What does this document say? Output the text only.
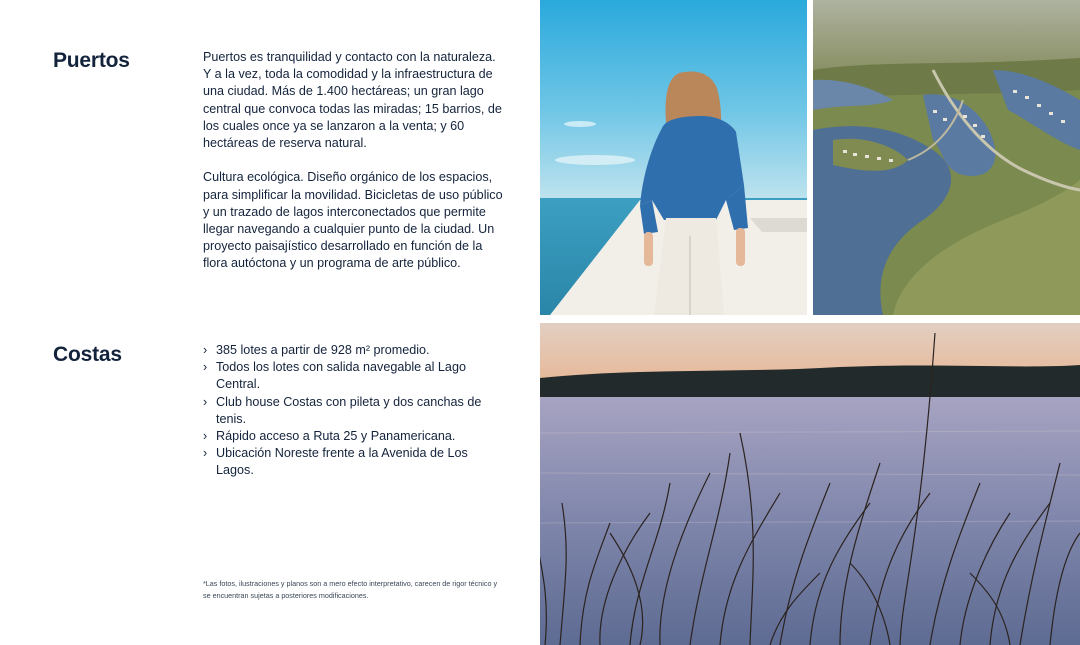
Puertos	Puertos es tranquilidad y contacto con la naturaleza. Y a la vez, toda la comodidad y la infraestructura de una ciudad. Más de 1.400 hectáreas; un gran lago central que convoca todas las miradas; 15 barrios, de los cuales once ya se lanzaron a la venta; y 60 hectáreas de reserva natural.

Cultura ecológica. Diseño orgánico de los espacios, para simplificar la movilidad. Bicicletas de uso público y un trazado de lagos interconectados que permite llegar navegando a cualquier punto de la ciudad. Un proyecto paisajístico desarrollado en función de la flora autóctona y un programa de arte público.

Costas	› 385 lotes a partir de 928 m² promedio.
› Todos los lotes con salida navegable al Lago Central.
› Club house Costas con pileta y dos canchas de tenis.
› Rápido acceso a Ruta 25 y Panamericana.
› Ubicación Noreste frente a la Avenida de Los Lagos.
*Las fotos, ilustraciones y planos son a mero efecto interpretativo, carecen de rigor técnico y se encuentran sujetas a posteriores modificaciones.
